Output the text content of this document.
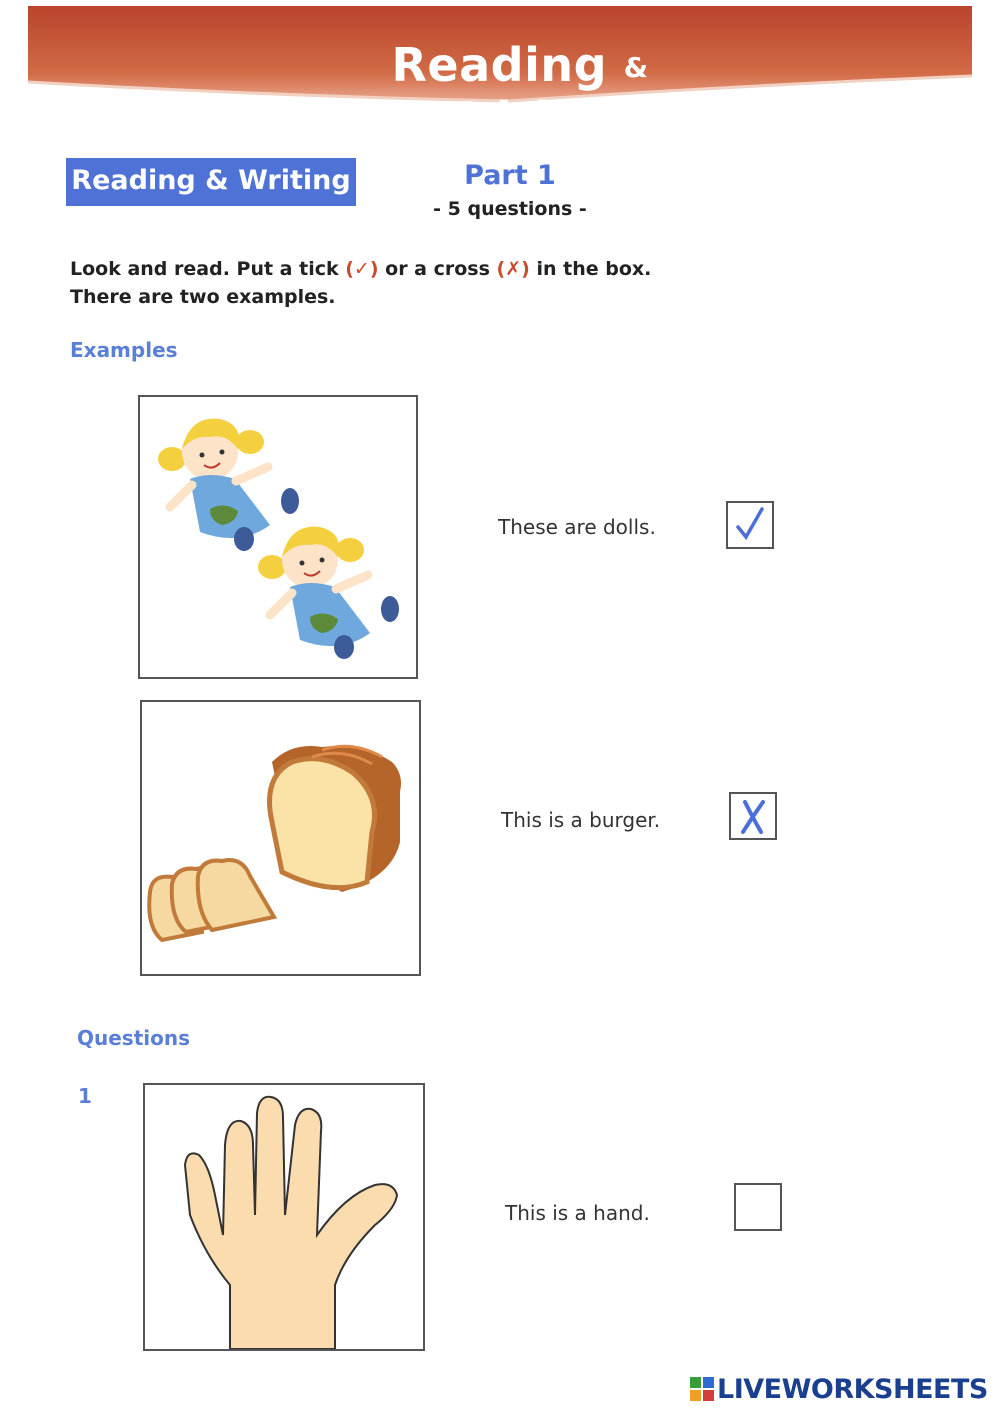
Reading & Writing
Reading & Writing	Part 1
- 5 questions -
Look and read. Put a tick (✓) or a cross (✗) in the box.
There are two examples.
Examples
These are dolls.
This is a burger.
Questions
1
This is a hand.
LIVEWORKSHEETS
